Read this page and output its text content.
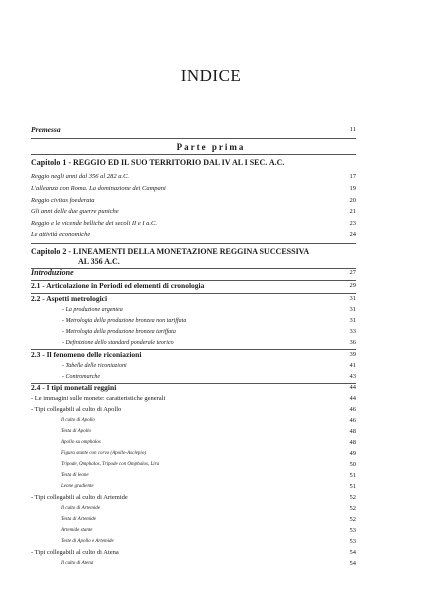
INDICE
Premessa	11
Parte prima
Capitolo 1 - REGGIO ED IL SUO TERRITORIO DAL IV AL I SEC. A.C.
Reggio negli anni dal 356 al 282 a.C.	17
L'alleanza con Roma. La dominazione dei Campani	19
Reggio civitas foederata	20
Gli anni delle due guerre puniche	21
Reggio e le vicende belliche dei secoli II e I a.C.	23
Le attività economiche	24
Capitolo 2 - LINEAMENTI DELLA MONETAZIONE REGGINA SUCCESSIVA
AL 356 A.C.
Introduzione	27
2.1 - Articolazione in Periodi ed elementi di cronologia	29
2.2 - Aspetti metrologici	31
- La produzione argentea	31
- Metrologia della produzione bronzea non tariffata	31
- Metrologia della produzione bronzea tariffata	33
- Definizione dello standard ponderale teorico	36
2.3 - Il fenomeno delle riconiazioni	39
- Tabelle delle riconiazioni	41
- Contromarche	43
2.4 - I tipi monetali reggini	44
- Le immagini sulle monete: caratteristiche generali	44
- Tipi collegabili al culto di Apollo	46
Il culto di Apollo	46
Testa di Apollo	48
Apollo su omphalos	48
Figura stante con corvo (Apollo-Asclepio)	49
Tripode, Omphalos, Tripode con Omphalos, Lira	50
Testa di leone	51
Leone gradiente	51
- Tipi collegabili al culto di Artemide	52
Il culto di Artemide	52
Testa di Artemide	52
Artemide stante	53
Teste di Apollo e Artemide	53
- Tipi collegabili al culto di Atena	54
Il culto di Atena	54
